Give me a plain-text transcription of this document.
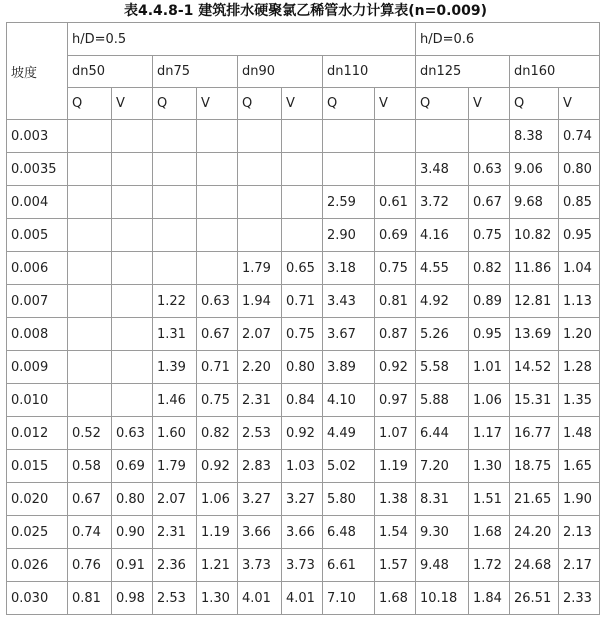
表4.4.8-1 建筑排水硬聚氯乙稀管水力计算表(n=0.009)
坡度	h/D=0.5								h/D=0.6			
	dn50		dn75		dn90		dn110		dn125		dn160	
	Q	V	Q	V	Q	V	Q	V	Q	V	Q	V
0.003											8.38	0.74
0.0035									3.48	0.63	9.06	0.80
0.004							2.59	0.61	3.72	0.67	9.68	0.85
0.005							2.90	0.69	4.16	0.75	10.82	0.95
0.006					1.79	0.65	3.18	0.75	4.55	0.82	11.86	1.04
0.007			1.22	0.63	1.94	0.71	3.43	0.81	4.92	0.89	12.81	1.13
0.008			1.31	0.67	2.07	0.75	3.67	0.87	5.26	0.95	13.69	1.20
0.009			1.39	0.71	2.20	0.80	3.89	0.92	5.58	1.01	14.52	1.28
0.010			1.46	0.75	2.31	0.84	4.10	0.97	5.88	1.06	15.31	1.35
0.012	0.52	0.63	1.60	0.82	2.53	0.92	4.49	1.07	6.44	1.17	16.77	1.48
0.015	0.58	0.69	1.79	0.92	2.83	1.03	5.02	1.19	7.20	1.30	18.75	1.65
0.020	0.67	0.80	2.07	1.06	3.27	3.27	5.80	1.38	8.31	1.51	21.65	1.90
0.025	0.74	0.90	2.31	1.19	3.66	3.66	6.48	1.54	9.30	1.68	24.20	2.13
0.026	0.76	0.91	2.36	1.21	3.73	3.73	6.61	1.57	9.48	1.72	24.68	2.17
0.030	0.81	0.98	2.53	1.30	4.01	4.01	7.10	1.68	10.18	1.84	26.51	2.33
